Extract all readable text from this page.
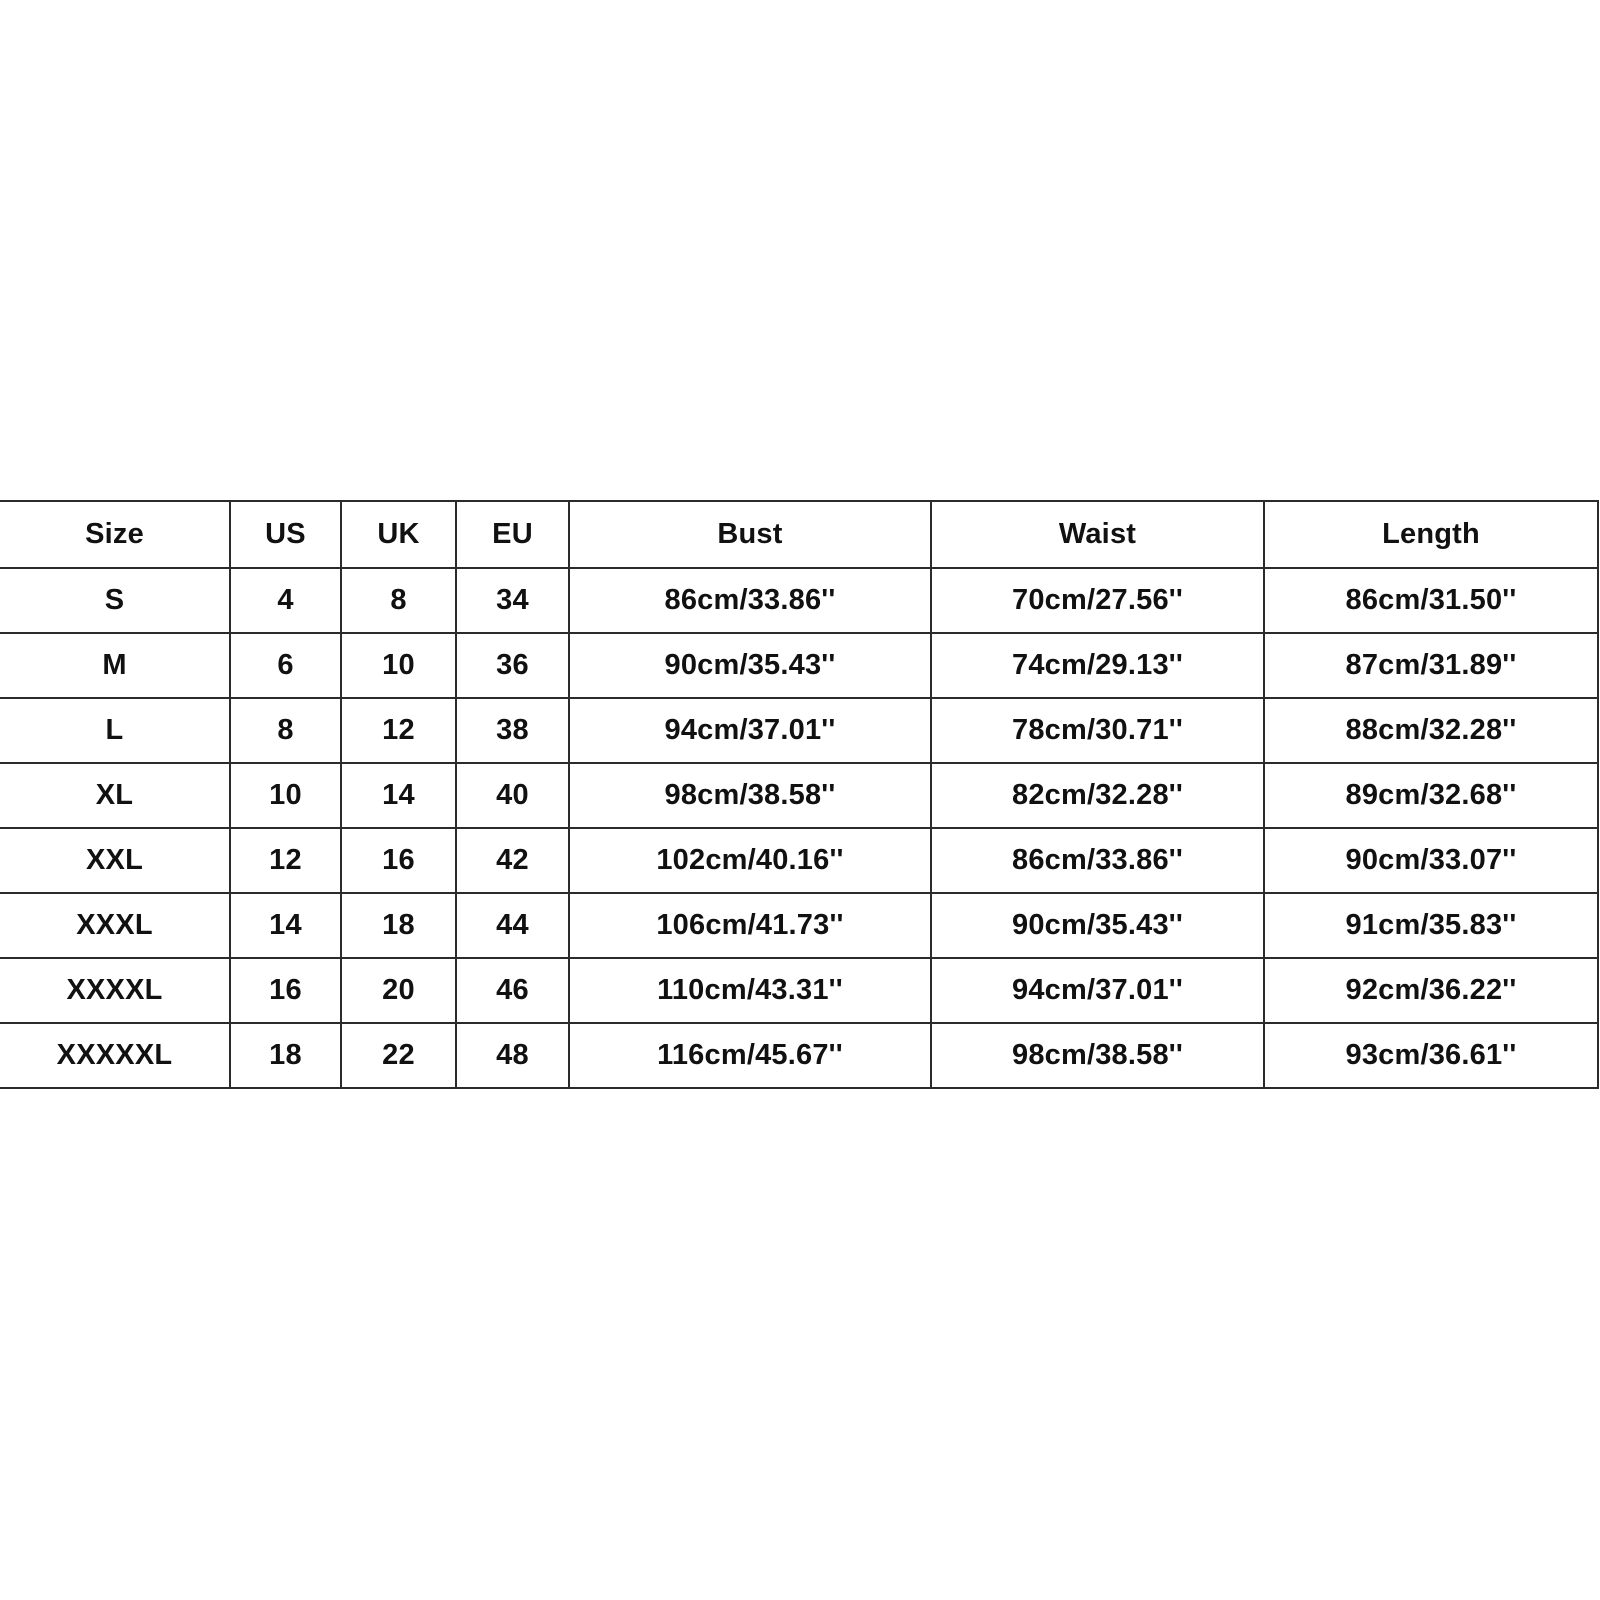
Size	US	UK	EU	Bust	Waist	Length
S	4	8	34	86cm/33.86''	70cm/27.56''	86cm/31.50''
M	6	10	36	90cm/35.43''	74cm/29.13''	87cm/31.89''
L	8	12	38	94cm/37.01''	78cm/30.71''	88cm/32.28''
XL	10	14	40	98cm/38.58''	82cm/32.28''	89cm/32.68''
XXL	12	16	42	102cm/40.16''	86cm/33.86''	90cm/33.07''
XXXL	14	18	44	106cm/41.73''	90cm/35.43''	91cm/35.83''
XXXXL	16	20	46	110cm/43.31''	94cm/37.01''	92cm/36.22''
XXXXXL	18	22	48	116cm/45.67''	98cm/38.58''	93cm/36.61''
